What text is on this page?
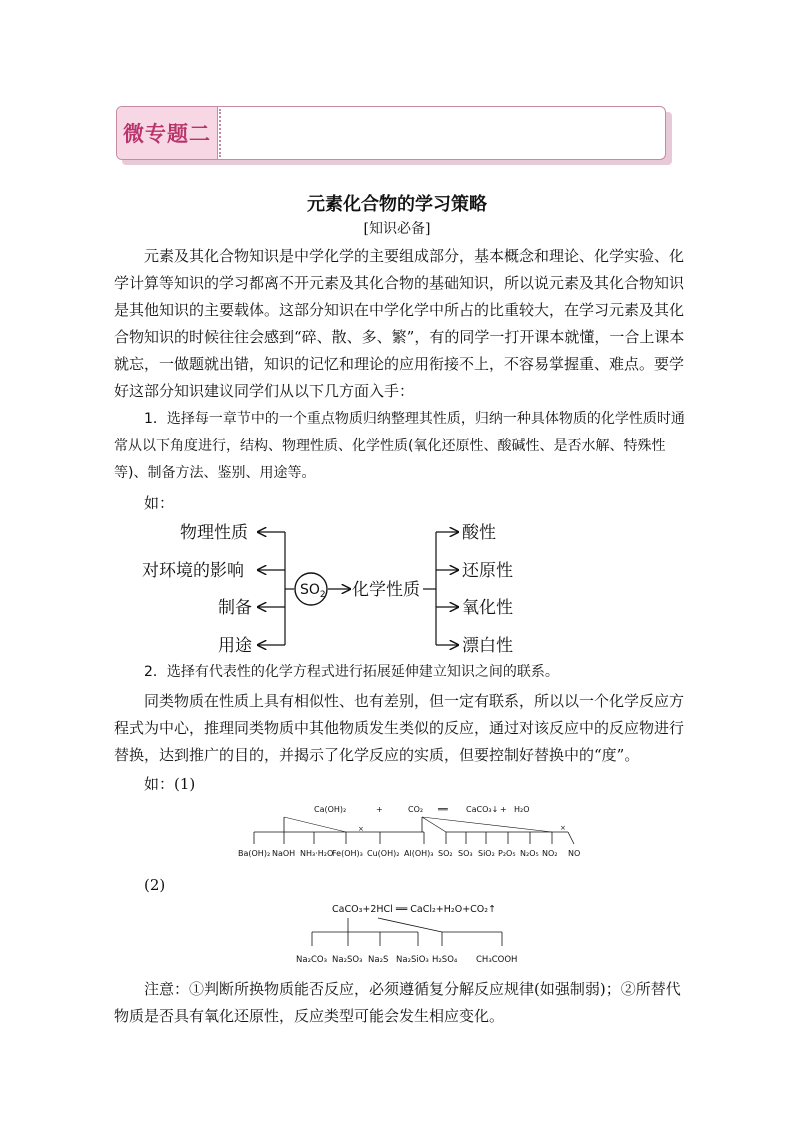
微专题二
元素化合物的学习策略
[知识必备]
元素及其化合物知识是中学化学的主要组成部分，基本概念和理论、化学实验、化学计算等知识的学习都离不开元素及其化合物的基础知识，所以说元素及其化合物知识是其他知识的主要载体。这部分知识在中学化学中所占的比重较大，在学习元素及其化合物知识的时候往往会感到“碎、散、多、繁”，有的同学一打开课本就懂，一合上课本就忘，一做题就出错，知识的记忆和理论的应用衔接不上，不容易掌握重、难点。要学好这部分知识建议同学们从以下几方面入手：
1．选择每一章节中的一个重点物质归纳整理其性质，归纳一种具体物质的化学性质时通常从以下角度进行，结构、物理性质、化学性质(氧化还原性、酸碱性、是否水解、特殊性等)、制备方法、鉴别、用途等。
如：
物理性质
对环境的影响
制备
用途
$SO_2$ 化学性质
酸性
还原性
氧化性
漂白性
2．选择有代表性的化学方程式进行拓展延伸建立知识之间的联系。
同类物质在性质上具有相似性、也有差别，但一定有联系，所以以一个化学反应方程式为中心，推理同类物质中其他物质发生类似的反应，通过对该反应中的反应物进行替换，达到推广的目的，并揭示了化学反应的实质，但要控制好替换中的“度”。
如：(1)
Ca(OH)₂	+	CO₂ ══ CaCO₃↓ + H₂O
×
Ba(OH)₂ NaOH NH₃·H₂O
Fe(OH)₃ Cu(OH)₂ Al(OH)₃
×
SO₂ SO₃ SiO₂ P₂O₅ N₂O₅ NO₂ NO
(2)
CaCO₃+2HCl ══ CaCl₂+H₂O+CO₂↑
Na₂CO₃ Na₂SO₃ Na₂S Na₂SiO₃ H₂SO₄ CH₃COOH
注意：①判断所换物质能否反应，必须遵循复分解反应规律(如强制弱)；②所替代物质是否具有氧化还原性，反应类型可能会发生相应变化。
